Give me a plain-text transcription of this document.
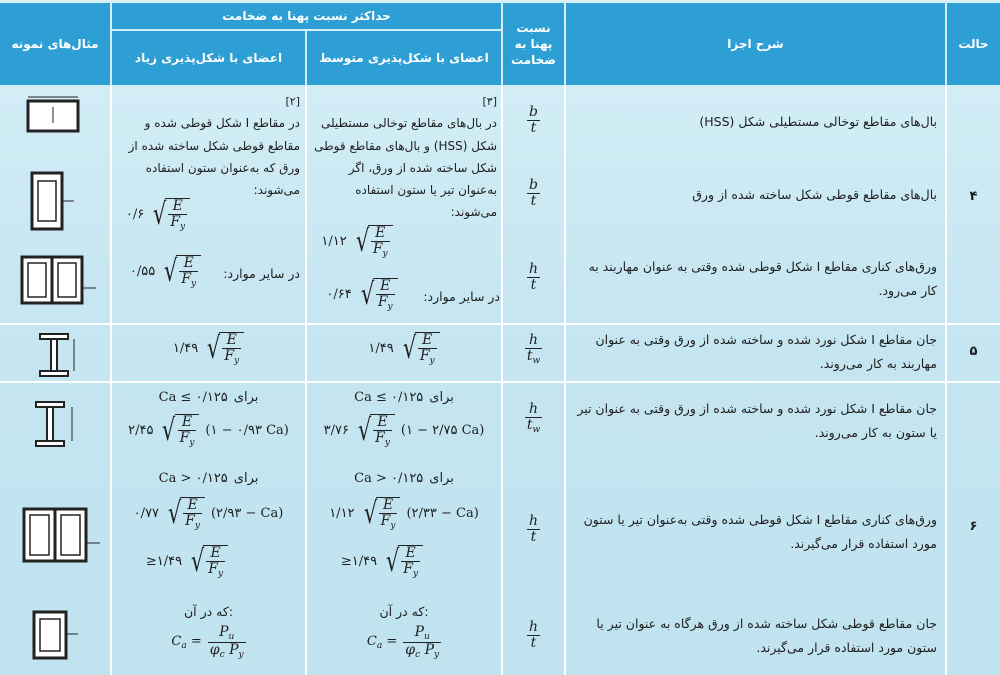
حالت
شرح اجزا
نسبت پهنا به ضخامت
حداکثر نسبت پهنا به ضخامت
اعضای با شکل‌پذیری متوسط
اعضای با شکل‌پذیری زیاد
مثال‌های نمونه
۴
۵
۶
بال‌های مقاطع توخالی مستطیلی شکل (HSS)
بال‌های مقاطع قوطی شکل ساخته شده از ورق
ورق‌های کناری مقاطع I شکل قوطی شده وقتی به عنوان مهاربند به کار می‌رود.
$\frac{b}{t}$
$\frac{b}{t}$
$\frac{h}{t}$
[۳]
در بال‌های مقاطع توخالی مستطیلی شکل (HSS) و بال‌های مقاطع قوطی شکل ساخته شده از ورق، اگر به‌عنوان تیر یا ستون استفاده می‌شوند:
۱/۱۲ √ $\frac{E}{F_y}$
در سایر موارد:
۰/۶۴ √ $\frac{E}{F_y}$
[۲]
در مقاطع I شکل قوطی شده و مقاطع قوطی شکل ساخته شده از ورق که به‌عنوان ستون استفاده می‌شوند:
۰/۶ √ $\frac{E}{F_y}$
در سایر موارد:
۰/۵۵ √ $\frac{E}{F_y}$
جان مقاطع I شکل نورد شده و ساخته شده از ورق وقتی به عنوان مهاربند به کار می‌روند.
$\frac{h}{t_w}$
۱/۴۹ √ $\frac{E}{F_y}$
۱/۴۹ √ $\frac{E}{F_y}$
جان مقاطع I شکل نورد شده و ساخته شده از ورق وقتی به عنوان تیر یا ستون به کار می‌روند.
ورق‌های کناری مقاطع I شکل قوطی شده وقتی به‌عنوان تیر یا ستون مورد استفاده قرار می‌گیرند.
جان مقاطع قوطی شکل ساخته شده از ورق هرگاه به عنوان تیر یا ستون مورد استفاده قرار می‌گیرند.
$\frac{h}{t_w}$
$\frac{h}{t}$
$\frac{h}{t}$
Ca ≤ ۰/۱۲۵ برای
۳/۷۶ √ $\frac{E}{F_y}$ (۱ − ۲/۷۵ Ca)
Ca > ۰/۱۲۵ برای
۱/۱۲ √ $\frac{E}{F_y}$ (۲/۳۳ − Ca)
≥۱/۴۹ √ $\frac{E}{F_y}$
که در آن:
$C_a = \frac{P_u}{\varphi_c P_y}$
Ca ≤ ۰/۱۲۵ برای
۲/۴۵ √ $\frac{E}{F_y}$ (۱ − ۰/۹۳ Ca)
Ca > ۰/۱۲۵ برای
۰/۷۷ √ $\frac{E}{F_y}$ (۲/۹۳ − Ca)
≥۱/۴۹ √ $\frac{E}{F_y}$
که در آن:
$C_a = \frac{P_u}{\varphi_c P_y}$
